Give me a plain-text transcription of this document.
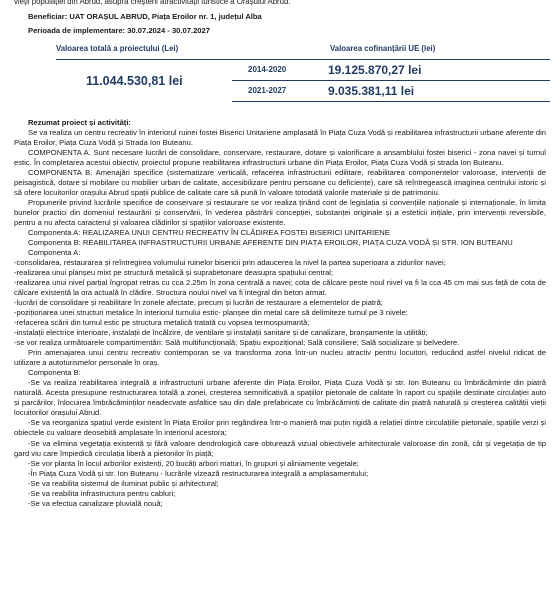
vieții populației din Abrud, asupra creșterii atractivității turistice a Orașului Abrud.

Beneficiar: UAT ORAȘUL ABRUD, Piața Eroilor nr. 1, județul Alba
Perioada de implementare: 30.07.2024 - 30.07.2027
Valoarea totală a proiectului (Lei)	Valoarea cofinanțării UE (lei)
11.044.530,81 lei
2014-2020	19.125.870,27 lei
2021-2027	9.035.381,11 lei

Rezumat proiect și activități:

Se va realiza un centru recreativ în interiorul ruinei fostei Biserici Unitariene amplasată în Piața Cuza Vodă și reabilitarea infrastructurii urbane aferente din Piața Eroilor, Piața Cuza Vodă și Strada Ion Buteanu.

COMPONENTA A. Sunt necesare lucrări de consolidare, conservare, restaurare, dotare și valorificare a ansamblului fostei biserici - zona navei și turnul estic. În completarea acestui obiectiv, proiectul propune reabilitarea infrastructurii urbane din Piața Eroilor, Piața Cuza Vodă și strada Ion Buteanu.

COMPONENTA B. Amenajări specifice (sistematizare verticală, refacerea infrastructurii edilitare, reabilitarea componentelor valoroase, intervenții de peisagistică, dotare și mobilare cu mobilier urban de calitate, accesibilizare pentru persoane cu deficiențe), care să reîntregească imaginea centrului istoric și să ofere locuitorilor orașului Abrud spații publice de calitate care să pună în valoare totodată valorile materiale și de patrimoniu.

Propunerile privind lucrările specifice de conservare și restaurare se vor realiza ținând cont de legislația și convențiile naționale și internaționale, în limita bunelor practici din domeniul restaurării și conservării, în vederea păstrării concepției, substanței originale și a esteticii inițiale, prin intervenții reversibile, pentru a nu afecta caracterul și valoarea clădirilor și spațiilor valoroase existente.

Componenta A: REALIZAREA UNUI CENTRU RECREATIV ÎN CLĂDIREA FOSTEI BISERICI UNITARIENE

Componenta B: REABILITAREA INFRASTRUCTURII URBANE AFERENTE DIN PIAȚA EROILOR, PIAȚA CUZA VODĂ ȘI STR. ION BUTEANU

Componenta A:

-consolidarea, restaurarea și reîntregirea volumului ruinelor bisericii prin adaucerea la nivel la partea superioara a zidurilor navei;

-realizarea unui planșeu mixt pe structură metalică și suprabetonare deasupra spațiului central;

-realizarea unui nivel parțial îngropat retras cu cca 2.25m în zona centrală a navei; cota de călcare peste noul nivel va fi la cca 45 cm mai sus față de cota de călcare existentă la ora actuală în clădire. Structura noului nivel va fi integral din beton armat.

-lucrări de consolidare și reabilitare în zonele afectate, precum și lucrări de restaurare a elementelor de piatră;

-poziționarea unei structuri metalice în interiorul turnului estic- planșee din metal care să delimiteze turnul pe 3 nivele;

-refacerea scării din turnul estic pe structura metalică tratată cu vopsea termospumantă;

-instalații electrice interioare, instalații de încălzire, de ventilare și instalații sanitare și de canalizare, branșamente la utilități;

-se vor realiza următoarele compartimentări: Sală multifuncțională; Spațiu expozițional; Sală consiliere; Sală socializare și belvedere.

Prin amenajarea unui centru recreativ contemporan se va transforma zona într-un nucleu atractiv pentru locuitori, reducând astfel nivelul ridicat de utilizare a autoturismelor personale în oraș.

Componenta B:

-Se va realiza reabilitarea integrală a infrastructurii urbane aferente din Piața Eroilor, Piața Cuza Vodă și str. Ion Buteanu cu îmbrăcăminte din piatră naturală. Acesta presupune restructurarea totală a zonei, creșterea semnificativă a spațiilor pietonale de calitate în raport cu spațiile destinate circulației auto și parcărilor, înlocuirea îmbrăcăminților neadecvate asfaltice sau din dale prefabricate cu îmbrăcăminți de calitate din piatră naturală și creșterea calității vieții locuitorilor orașului Abrud.

-Se va reorganiza spațiul verde existent în Piața Eroilor prin regândirea într-o manieră mai puțin rigidă a relației dintre circulațiile pietonale, spațiile verzi și obiectele cu valoare deosebită amplasate în interiorul acestora;

-Se va elimina vegetația existentă și fără valoare dendrologică care obturează vizual obiectivele arhitecturale valoroase din zonă, cât și vegetația de tip gard viu care împiedică circulația liberă a pietonilor în piață;

-Se vor planta în locul arborilor existenți, 20 bucăți arbori maturi, în grupuri și aliniamente vegetale;

-În Piața Cuza Vodă și str. Ion Buteanu - lucrările vizează restructurarea integrală a amplasamentului;

-Se va reabilita sistemul de iluminat public și arhitectural;

-Se va reabilita infrastructura pentru cabluri;

-Se va efectua canalizare pluvială nouă;
